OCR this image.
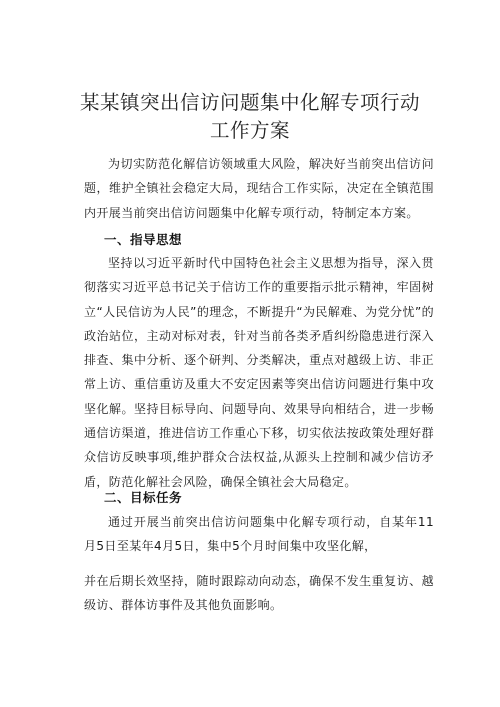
某某镇突出信访问题集中化解专项行动
工作方案

为切实防范化解信访领域重大风险，解决好当前突出信访问题，维护全镇社会稳定大局，现结合工作实际，决定在全镇范围内开展当前突出信访问题集中化解专项行动，特制定本方案。

一、指导思想

坚持以习近平新时代中国特色社会主义思想为指导，深入贯彻落实习近平总书记关于信访工作的重要指示批示精神，牢固树立“人民信访为人民”的理念，不断提升“为民解难、为党分忧”的政治站位，主动对标对表，针对当前各类矛盾纠纷隐患进行深入排查、集中分析、逐个研判、分类解决，重点对越级上访、非正常上访、重信重访及重大不安定因素等突出信访问题进行集中攻坚化解。坚持目标导向、问题导向、效果导向相结合，进一步畅通信访渠道，推进信访工作重心下移，切实依法按政策处理好群众信访反映事项,维护群众合法权益,从源头上控制和减少信访矛盾，防范化解社会风险，确保全镇社会大局稳定。

二、目标任务

通过开展当前突出信访问题集中化解专项行动，自某年11月5日至某年4月5日，集中5个月时间集中攻坚化解，

并在后期长效坚持，随时跟踪动向动态，确保不发生重复访、越级访、群体访事件及其他负面影响。
